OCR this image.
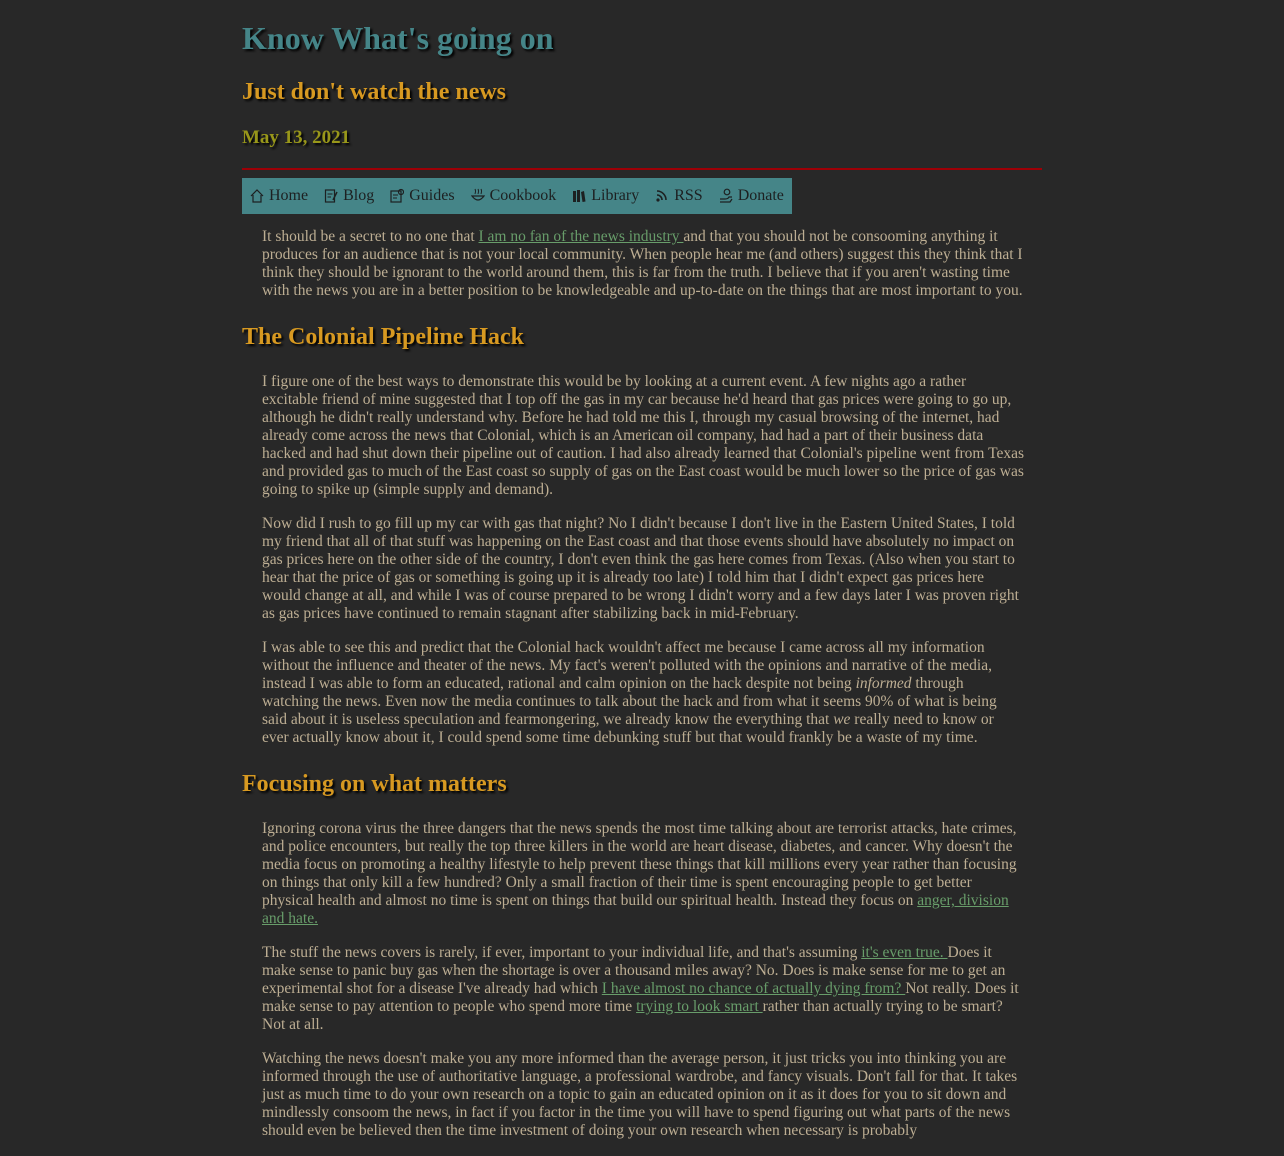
Know What's going on
Just don't watch the news
May 13, 2021
Home Blog Guides Cookbook Library RSS Donate

It should be a secret to no one that I am no fan of the news industry and that you should not be consooming anything it produces for an audience that is not your local community. When people hear me (and others) suggest this they think that I think they should be ignorant to the world around them, this is far from the truth. I believe that if you aren't wasting time with the news you are in a better position to be knowledgeable and up-to-date on the things that are most important to you.

The Colonial Pipeline Hack

I figure one of the best ways to demonstrate this would be by looking at a current event. A few nights ago a rather excitable friend of mine suggested that I top off the gas in my car because he'd heard that gas prices were going to go up, although he didn't really understand why. Before he had told me this I, through my casual browsing of the internet, had already come across the news that Colonial, which is an American oil company, had had a part of their business data hacked and had shut down their pipeline out of caution. I had also already learned that Colonial's pipeline went from Texas and provided gas to much of the East coast so supply of gas on the East coast would be much lower so the price of gas was going to spike up (simple supply and demand).

Now did I rush to go fill up my car with gas that night? No I didn't because I don't live in the Eastern United States, I told my friend that all of that stuff was happening on the East coast and that those events should have absolutely no impact on gas prices here on the other side of the country, I don't even think the gas here comes from Texas. (Also when you start to hear that the price of gas or something is going up it is already too late) I told him that I didn't expect gas prices here would change at all, and while I was of course prepared to be wrong I didn't worry and a few days later I was proven right as gas prices have continued to remain stagnant after stabilizing back in mid-February.

I was able to see this and predict that the Colonial hack wouldn't affect me because I came across all my information without the influence and theater of the news. My fact's weren't polluted with the opinions and narrative of the media, instead I was able to form an educated, rational and calm opinion on the hack despite not being informed through watching the news. Even now the media continues to talk about the hack and from what it seems 90% of what is being said about it is useless speculation and fearmongering, we already know the everything that we really need to know or ever actually know about it, I could spend some time debunking stuff but that would frankly be a waste of my time.

Focusing on what matters

Ignoring corona virus the three dangers that the news spends the most time talking about are terrorist attacks, hate crimes, and police encounters, but really the top three killers in the world are heart disease, diabetes, and cancer. Why doesn't the media focus on promoting a healthy lifestyle to help prevent these things that kill millions every year rather than focusing on things that only kill a few hundred? Only a small fraction of their time is spent encouraging people to get better physical health and almost no time is spent on things that build our spiritual health. Instead they focus on anger, division and hate.

The stuff the news covers is rarely, if ever, important to your individual life, and that's assuming it's even true. Does it make sense to panic buy gas when the shortage is over a thousand miles away? No. Does is make sense for me to get an experimental shot for a disease I've already had which I have almost no chance of actually dying from? Not really. Does it make sense to pay attention to people who spend more time trying to look smart rather than actually trying to be smart? Not at all.

Watching the news doesn't make you any more informed than the average person, it just tricks you into thinking you are informed through the use of authoritative language, a professional wardrobe, and fancy visuals. Don't fall for that. It takes just as much time to do your own research on a topic to gain an educated opinion on it as it does for you to sit down and mindlessly consoom the news, in fact if you factor in the time you will have to spend figuring out what parts of the news should even be believed then the time investment of doing your own research when necessary is probably
